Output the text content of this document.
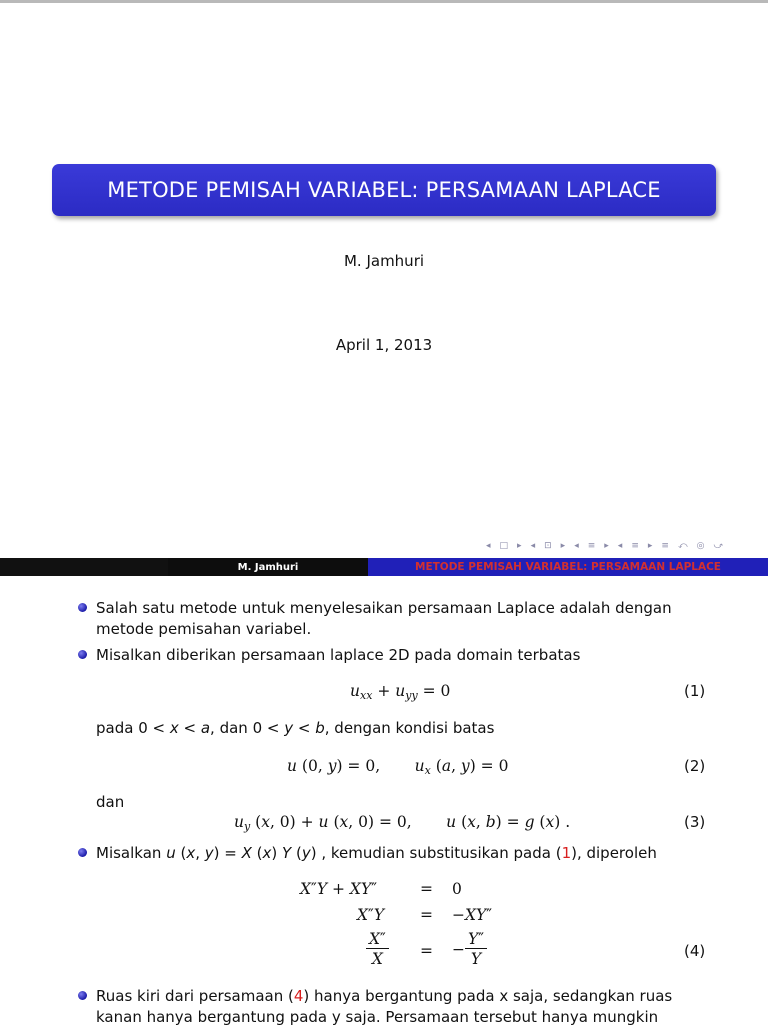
METODE PEMISAH VARIABEL: PERSAMAAN LAPLACE
M. Jamhuri
April 1, 2013
◂ □ ▸ ◂ ⊡ ▸ ◂ ≡ ▸ ◂ ≡ ▸ ≡ ⤺ ◎ ⤻
M. Jamhuri	METODE PEMISAH VARIABEL: PERSAMAAN LAPLACE
Salah satu metode untuk menyelesaikan persamaan Laplace adalah dengan metode pemisahan variabel.
Misalkan diberikan persamaan laplace 2D pada domain terbatas
$u_{xx} + u_{yy} = 0$	(1)
pada 0 < x < a, dan 0 < y < b, dengan kondisi batas
u (0, y) = 0,       $u_x$ (a, y) = 0	(2)
dan
$u_y$ (x, 0) + u (x, 0) = 0,       u (x, b) = g (x) .	(3)
Misalkan u (x, y) = X (x) Y (y) , kemudian substitusikan pada (1), diperoleh
X″Y + XY″	= 0
X″Y = −XY″
$\frac{X''}{X}$ = − $\frac{Y''}{Y}$	(4)
Ruas kiri dari persamaan (4) hanya bergantung pada x saja, sedangkan ruas kanan hanya bergantung pada y saja. Persamaan tersebut hanya mungkin
